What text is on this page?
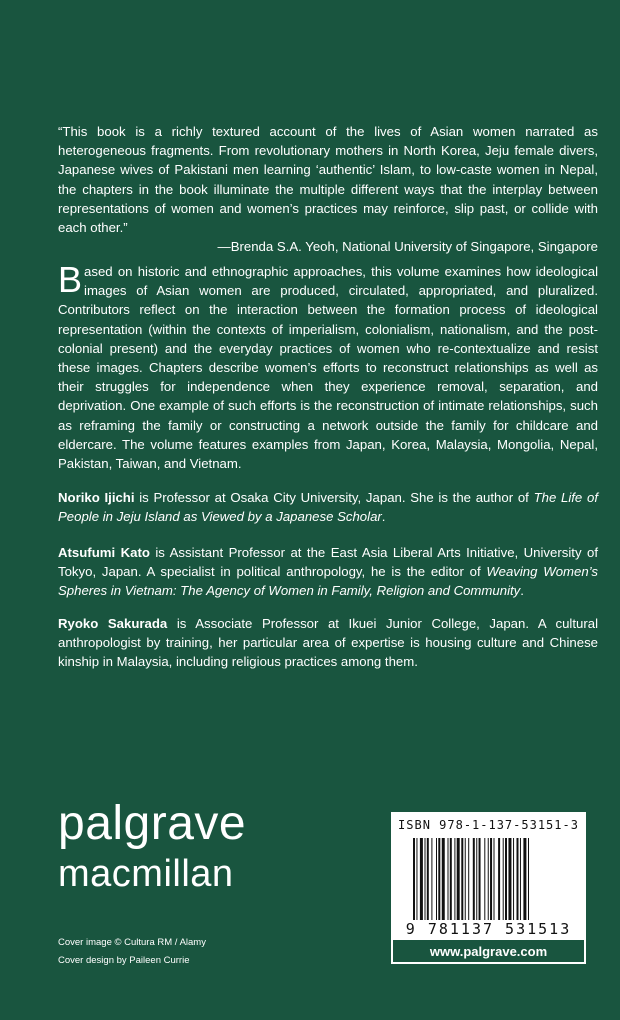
“This book is a richly textured account of the lives of Asian women narrated as heterogeneous fragments. From revolutionary mothers in North Korea, Jeju female divers, Japanese wives of Pakistani men learning ‘authentic’ Islam, to low-caste women in Nepal, the chapters in the book illuminate the multiple different ways that the interplay between representations of women and women’s practices may reinforce, slip past, or collide with each other.”
—Brenda S.A. Yeoh, National University of Singapore, Singapore
Based on historic and ethnographic approaches, this volume examines how ideological images of Asian women are produced, circulated, appropriated, and pluralized. Contributors reflect on the interaction between the formation process of ideological representation (within the contexts of imperialism, colonialism, nationalism, and the post-colonial present) and the everyday practices of women who re-contextualize and resist these images. Chapters describe women’s efforts to reconstruct relationships as well as their struggles for independence when they experience removal, separation, and deprivation. One example of such efforts is the reconstruction of intimate relationships, such as reframing the family or constructing a network outside the family for childcare and eldercare. The volume features examples from Japan, Korea, Malaysia, Mongolia, Nepal, Pakistan, Taiwan, and Vietnam.
Noriko Ijichi is Professor at Osaka City University, Japan. She is the author of The Life of People in Jeju Island as Viewed by a Japanese Scholar.
Atsufumi Kato is Assistant Professor at the East Asia Liberal Arts Initiative, University of Tokyo, Japan. A specialist in political anthropology, he is the editor of Weaving Women’s Spheres in Vietnam: The Agency of Women in Family, Religion and Community.
Ryoko Sakurada is Associate Professor at Ikuei Junior College, Japan. A cultural anthropologist by training, her particular area of expertise is housing culture and Chinese kinship in Malaysia, including religious practices among them.
palgrave
macmillan
Cover image © Cultura RM / Alamy
Cover design by Paileen Currie
ISBN 978-1-137-53151-3
9 781137 531513
www.palgrave.com
